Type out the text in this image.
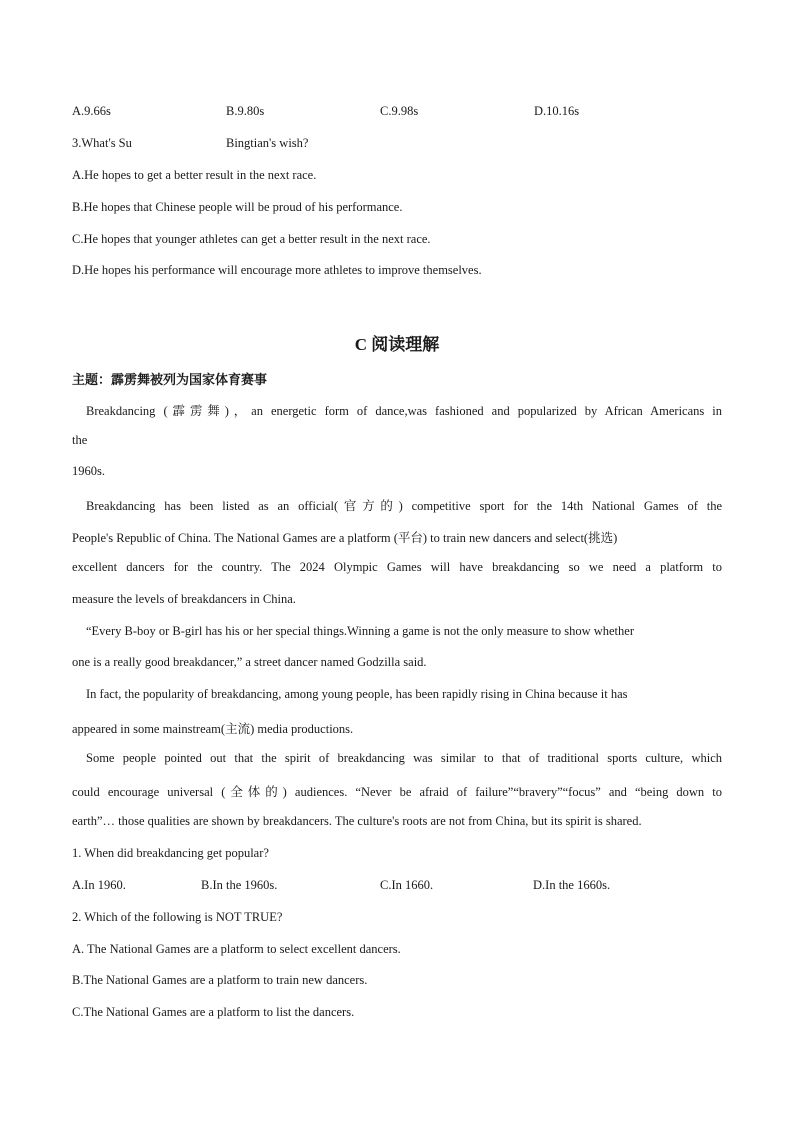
A.9.66s	B.9.80s	C.9.98s	D.10.16s
3.What's Su	Bingtian's wish?
A.He hopes to get a better result in the next race.
B.He hopes that Chinese people will be proud of his performance.
C.He hopes that younger athletes can get a better result in the next race.
D.He hopes his performance will encourage more athletes to improve themselves.
C 阅读理解
主题：霹雳舞被列为国家体育赛事
Breakdancing (霹雳舞)，an energetic form of dance,was fashioned and popularized by African Americans in
the
1960s.
Breakdancing has been listed as an official(官方的) competitive sport for the 14th National Games of the
People's Republic of China. The National Games are a platform (平台) to train new dancers and select(挑选)
excellent dancers for the country. The 2024 Olympic Games will have breakdancing so we need a platform to
measure the levels of breakdancers in China.
“Every B-boy or B-girl has his or her special things.Winning a game is not the only measure to show whether
one is a really good breakdancer,” a street dancer named Godzilla said.
In fact, the popularity of breakdancing, among young people, has been rapidly rising in China because it has
appeared in some mainstream(主流) media productions.
Some people pointed out that the spirit of breakdancing was similar to that of traditional sports culture, which
could encourage universal (全体的) audiences. “Never be afraid of failure”“bravery”“focus” and “being down to
earth”… those qualities are shown by breakdancers. The culture's roots are not from China, but its spirit is shared.
1. When did breakdancing get popular?
A.In 1960.	B.In the 1960s.	C.In 1660.	D.In the 1660s.
2. Which of the following is NOT TRUE?
A. The National Games are a platform to select excellent dancers.
B.The National Games are a platform to train new dancers.
C.The National Games are a platform to list the dancers.
